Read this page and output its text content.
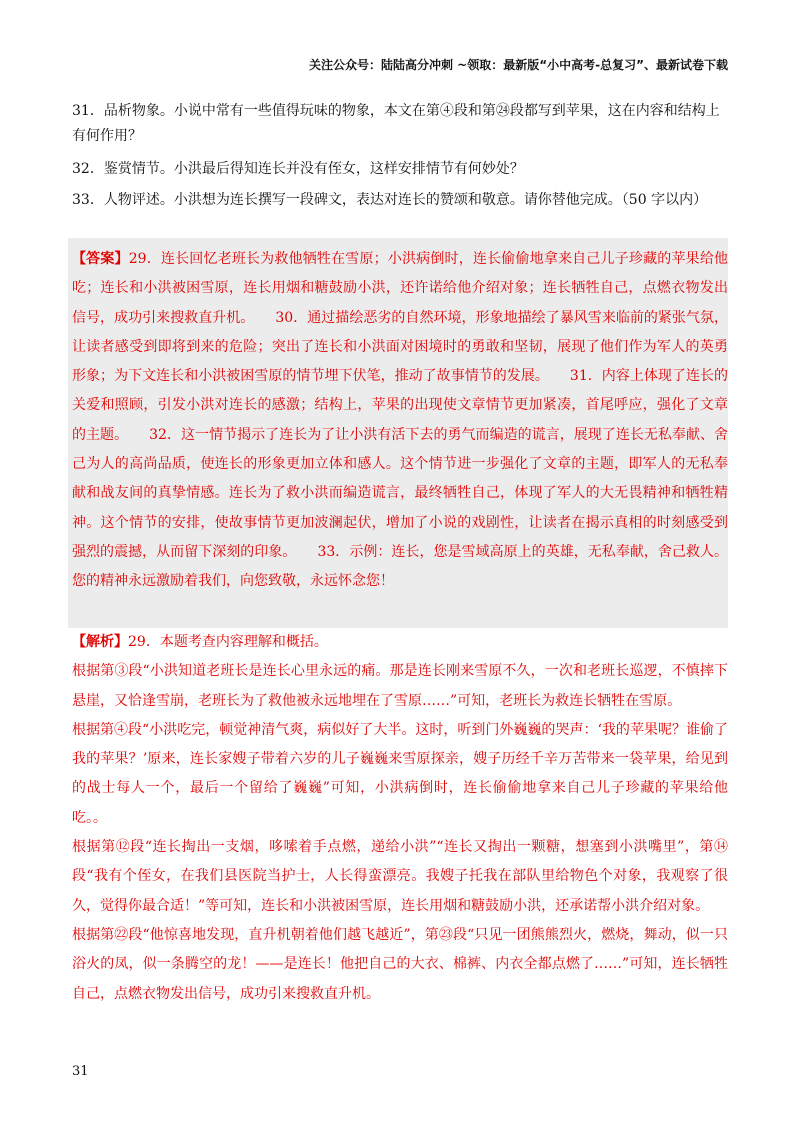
关注公众号：陆陆高分冲刺 ~领取：最新版“小中高考-总复习”、最新试卷下载
31．品析物象。小说中常有一些值得玩味的物象，本文在第④段和第㉔段都写到苹果，这在内容和结构上有何作用？
32．鉴赏情节。小洪最后得知连长并没有侄女，这样安排情节有何妙处？
33．人物评述。小洪想为连长撰写一段碑文，表达对连长的赞颂和敬意。请你替他完成。（50 字以内）
【答案】29．连长回忆老班长为救他牺牲在雪原；小洪病倒时，连长偷偷地拿来自己儿子珍藏的苹果给他吃；连长和小洪被困雪原，连长用烟和糖鼓励小洪，还许诺给他介绍对象；连长牺牲自己，点燃衣物发出信号，成功引来搜救直升机。　　30．通过描绘恶劣的自然环境，形象地描绘了暴风雪来临前的紧张气氛，让读者感受到即将到来的危险；突出了连长和小洪面对困境时的勇敢和坚韧，展现了他们作为军人的英勇形象；为下文连长和小洪被困雪原的情节埋下伏笔，推动了故事情节的发展。　　31．内容上体现了连长的关爱和照顾，引发小洪对连长的感激；结构上，苹果的出现使文章情节更加紧凑，首尾呼应，强化了文章的主题。　　32．这一情节揭示了连长为了让小洪有活下去的勇气而编造的谎言，展现了连长无私奉献、舍己为人的高尚品质，使连长的形象更加立体和感人。这个情节进一步强化了文章的主题，即军人的无私奉献和战友间的真挚情感。连长为了救小洪而编造谎言，最终牺牲自己，体现了军人的大无畏精神和牺牲精神。这个情节的安排，使故事情节更加波澜起伏，增加了小说的戏剧性，让读者在揭示真相的时刻感受到强烈的震撼，从而留下深刻的印象。　　33．示例：连长，您是雪域高原上的英雄，无私奉献，舍己救人。您的精神永远激励着我们，向您致敬，永远怀念您！

【解析】29．本题考查内容理解和概括。

根据第③段“小洪知道老班长是连长心里永远的痛。那是连长刚来雪原不久，一次和老班长巡逻，不慎摔下悬崖，又恰逢雪崩，老班长为了救他被永远地埋在了雪原……”可知，老班长为救连长牺牲在雪原。

根据第④段“小洪吃完，顿觉神清气爽，病似好了大半。这时，听到门外巍巍的哭声：‘我的苹果呢？谁偷了我的苹果？’原来，连长家嫂子带着六岁的儿子巍巍来雪原探亲，嫂子历经千辛万苦带来一袋苹果，给见到的战士每人一个，最后一个留给了巍巍”可知，小洪病倒时，连长偷偷地拿来自己儿子珍藏的苹果给他吃。。

根据第⑫段“连长掏出一支烟，哆嗦着手点燃，递给小洪”“连长又掏出一颗糖，想塞到小洪嘴里”，第⑭段“我有个侄女，在我们县医院当护士，人长得蛮漂亮。我嫂子托我在部队里给物色个对象，我观察了很久，觉得你最合适！”等可知，连长和小洪被困雪原，连长用烟和糖鼓励小洪，还承诺帮小洪介绍对象。

根据第㉒段“他惊喜地发现，直升机朝着他们越飞越近”，第㉓段“只见一团熊熊烈火，燃烧，舞动，似一只浴火的凤，似一条腾空的龙！——是连长！他把自己的大衣、棉裤、内衣全都点燃了……”可知，连长牺牲自己，点燃衣物发出信号，成功引来搜救直升机。

31
